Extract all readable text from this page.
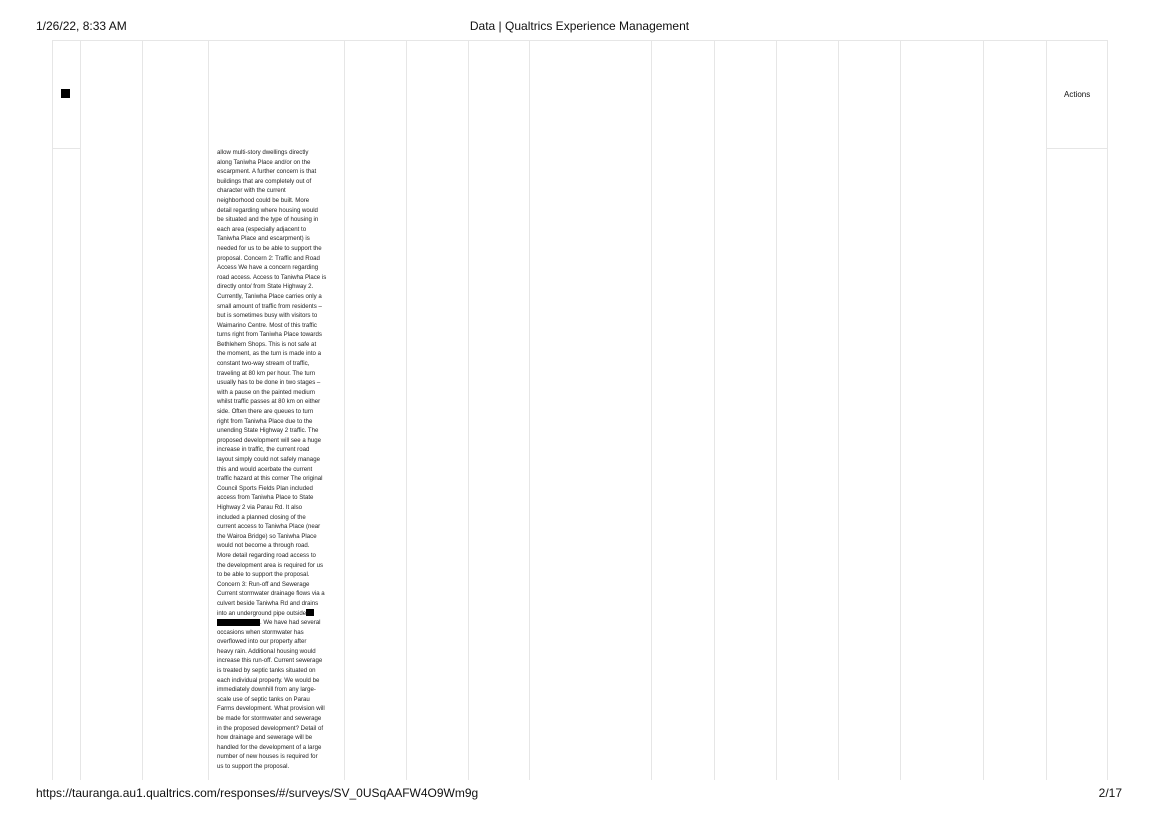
1/26/22, 8:33 AM	Data | Qualtrics Experience Management
Actions
allow multi-story dwellings directly
along Taniwha Place and/or on the
escarpment. A further concern is that
buildings that are completely out of
character with the current
neighborhood could be built. More
detail regarding where housing would
be situated and the type of housing in
each area (especially adjacent to
Taniwha Place and escarpment) is
needed for us to be able to support the
proposal. Concern 2: Traffic and Road
Access We have a concern regarding
road access. Access to Taniwha Place is
directly onto/ from State Highway 2.
Currently, Taniwha Place carries only a
small amount of traffic from residents –
but is sometimes busy with visitors to
Waimarino Centre. Most of this traffic
turns right from Taniwha Place towards
Bethlehem Shops. This is not safe at
the moment, as the turn is made into a
constant two-way stream of traffic,
traveling at 80 km per hour. The turn
usually has to be done in two stages –
with a pause on the painted medium
whilst traffic passes at 80 km on either
side. Often there are queues to turn
right from Taniwha Place due to the
unending State Highway 2 traffic. The
proposed development will see a huge
increase in traffic, the current road
layout simply could not safely manage
this and would acerbate the current
traffic hazard at this corner The original
Council Sports Fields Plan included
access from Taniwha Place to State
Highway 2 via Parau Rd. It also
included a planned closing of the
current access to Taniwha Place (near
the Wairoa Bridge) so Taniwha Place
would not become a through road.
More detail regarding road access to
the development area is required for us
to be able to support the proposal.
Concern 3: Run-off and Sewerage
Current stormwater drainage flows via a
culvert beside Taniwha Rd and drains
into an underground pipe outside
. We have had several
occasions when stormwater has
overflowed into our property after
heavy rain. Additional housing would
increase this run-off. Current sewerage
is treated by septic tanks situated on
each individual property. We would be
immediately downhill from any large-
scale use of septic tanks on Parau
Farms development. What provision will
be made for stormwater and sewerage
in the proposed development? Detail of
how drainage and sewerage will be
handled for the development of a large
number of new houses is required for
us to support the proposal.
https://tauranga.au1.qualtrics.com/responses/#/surveys/SV_0USqAAFW4O9Wm9g	2/17
